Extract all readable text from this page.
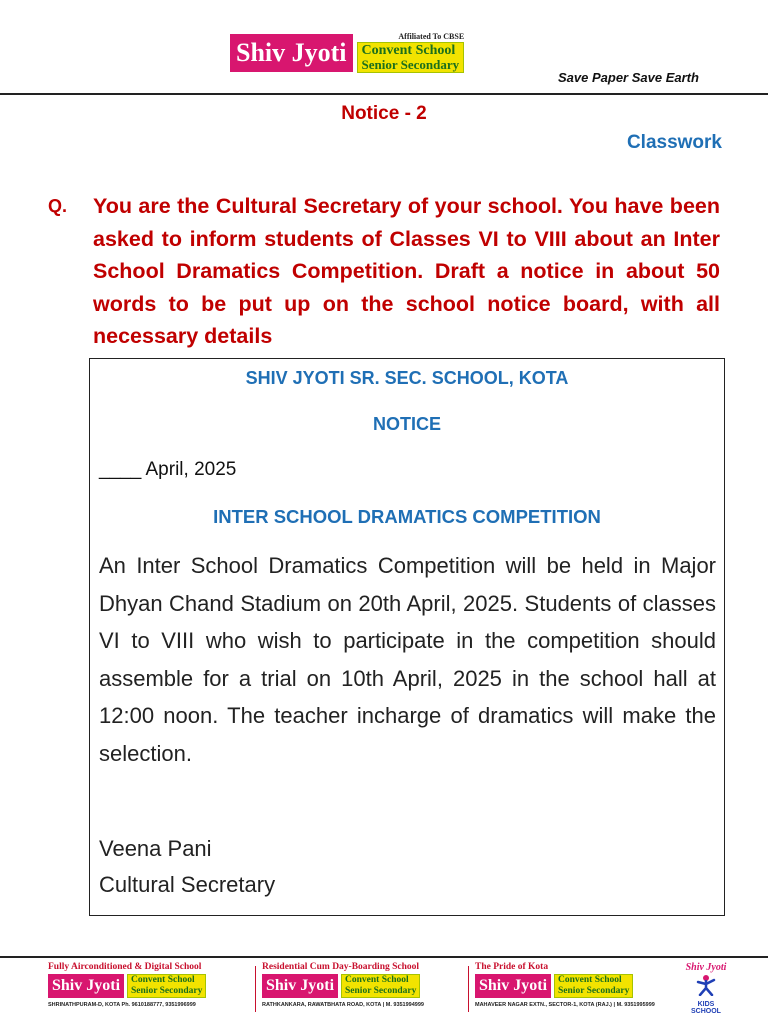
Shiv Jyoti
Affiliated To CBSE
Convent School
Senior Secondary
Save Paper Save Earth
Notice - 2
Classwork
Q. You are the Cultural Secretary of your school. You have been asked to inform students of Classes VI to VIII about an Inter School Dramatics Competition. Draft a notice in about 50 words to be put up on the school notice board, with all necessary details
SHIV JYOTI SR. SEC. SCHOOL, KOTA
NOTICE
____ April, 2025
INTER SCHOOL DRAMATICS COMPETITION
An Inter School Dramatics Competition will be held in Major Dhyan Chand Stadium on 20th April, 2025. Students of classes VI to VIII who wish to participate in the competition should assemble for a trial on 10th April, 2025 in the school hall at 12:00 noon. The teacher incharge of dramatics will make the selection.
Veena Pani
Cultural Secretary
Fully Airconditioned & Digital School
Shiv Jyoti	Convent School
Senior Secondary
SHRINATHPURAM-D, KOTA Ph. 9610188777, 9351996999
Residential Cum Day-Boarding School
Shiv Jyoti	Convent School
Senior Secondary
RATHKANKARA, RAWATBHATA ROAD, KOTA | M. 9351994999
The Pride of Kota
Shiv Jyoti	Convent School
Senior Secondary
MAHAVEER NAGAR EXTN., SECTOR-1, KOTA (RAJ.) | M. 9351995999
Shiv Jyoti
KIDS SCHOOL
